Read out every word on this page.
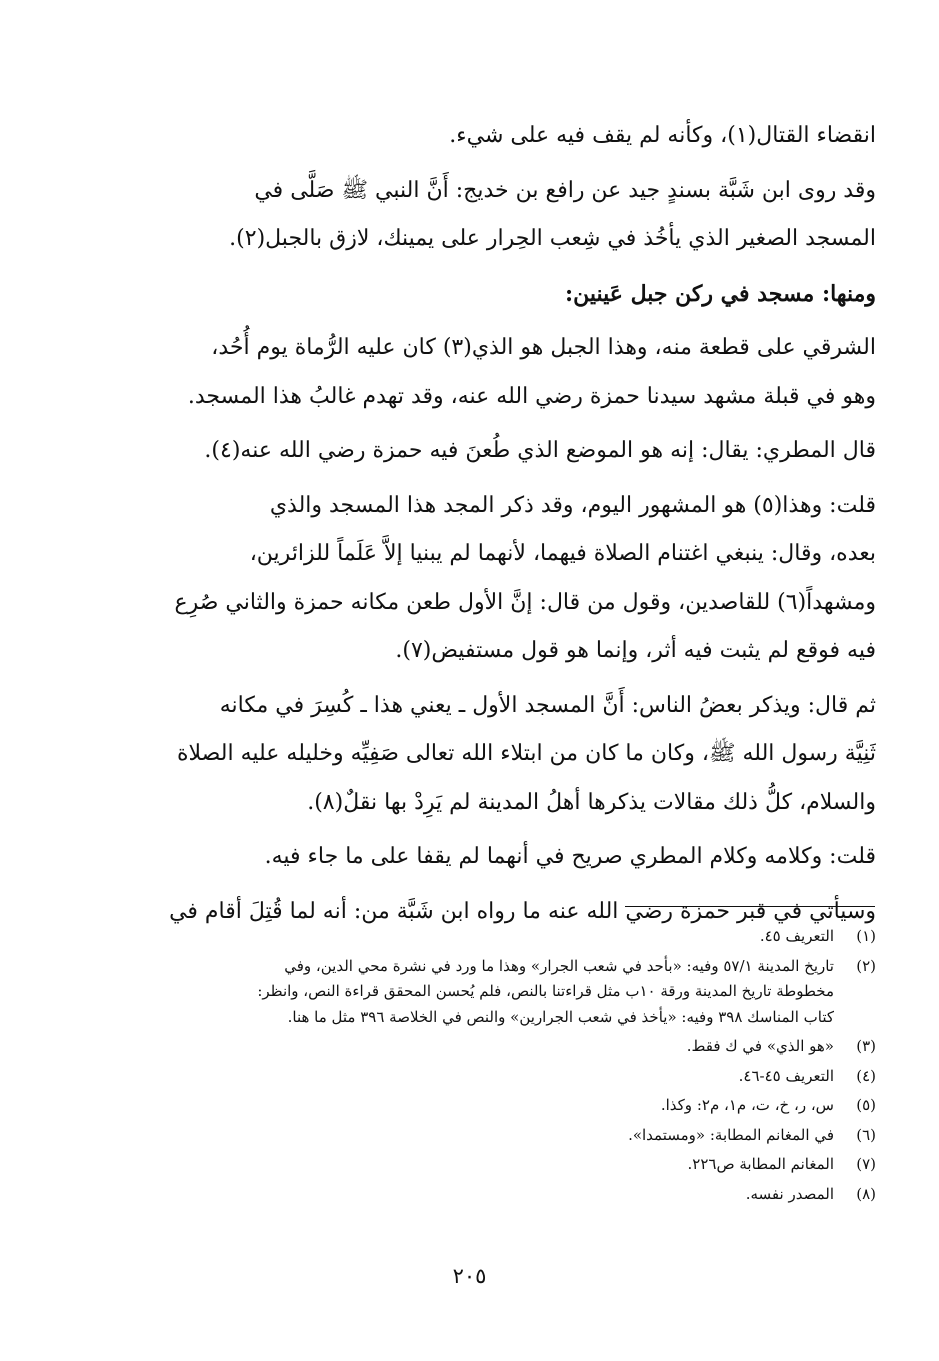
انقضاء القتال(١)، وكأنه لم يقف فيه على شيء.
وقد روى ابن شَبَّة بسندٍ جيد عن رافع بن خديج: أَنَّ النبي ﷺ صَلَّى في
المسجد الصغير الذي يأخُذ في شِعب الحِرار على يمينك، لازق بالجبل(٢).
ومنها: مسجد في ركن جبل عَينين:
الشرقي على قطعة منه، وهذا الجبل هو الذي(٣) كان عليه الرُّماة يوم أُحُد،
وهو في قبلة مشهد سيدنا حمزة رضي الله عنه، وقد تهدم غالبُ هذا المسجد.
قال المطري: يقال: إنه هو الموضع الذي طُعنَ فيه حمزة رضي الله عنه(٤).
قلت: وهذا(٥) هو المشهور اليوم، وقد ذكر المجد هذا المسجد والذي
بعده، وقال: ينبغي اغتنام الصلاة فيهما، لأنهما لم يبنيا إلاَّ عَلَماً للزائرين،
ومشهداً(٦) للقاصدين، وقول من قال: إنَّ الأول طعن مكانه حمزة والثاني صُرِع
فيه فوقع لم يثبت فيه أثر، وإنما هو قول مستفيض(٧).
ثم قال: ويذكر بعضُ الناس: أَنَّ المسجد الأول ـ يعني هذا ـ كُسِرَ في مكانه
ثَنِيَّة رسول الله ﷺ، وكان ما كان من ابتلاء الله تعالى صَفِيِّه وخليله عليه الصلاة
والسلام، كلُّ ذلك مقالات يذكرها أهلُ المدينة لم يَرِدْ بها نقلٌ(٨).
قلت: وكلامه وكلام المطري صريح في أنهما لم يقفا على ما جاء فيه.
وسيأتي في قبر حمزة رضي الله عنه ما رواه ابن شَبَّة من: أنه لما قُتِلَ أقام في
(١)
التعريف ٤٥.
(٢)
تاريخ المدينة ٥٧/١ وفيه: «بأحد في شعب الجرار» وهذا ما ورد في نشرة محي الدين، وفي
مخطوطة تاريخ المدينة ورقة ١٠ب مثل قراءتنا بالنص، فلم يُحسن المحقق قراءة النص، وانظر:
كتاب المناسك ٣٩٨ وفيه: «يأخذ في شعب الجرارين» والنص في الخلاصة ٣٩٦ مثل ما هنا.
(٣)
«هو الذي» في ك فقط.
(٤)
التعريف ٤٥-٤٦.
(٥)
س، ر، خ، ت، م١، م٢: وكذا.
(٦)
في المغانم المطابة: «ومستمدا».
(٧)
المغانم المطابة ص٢٢٦.
(٨)
المصدر نفسه.
٢٠٥
